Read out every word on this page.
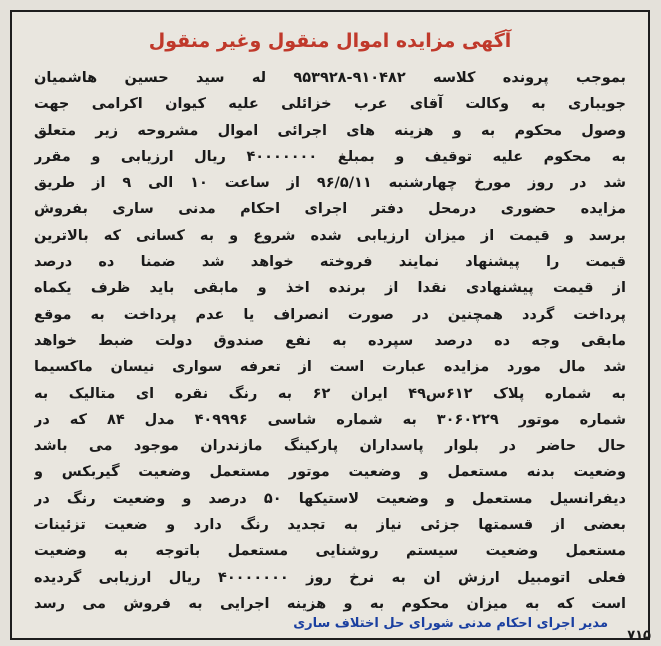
آگهی مزایده اموال منقول وغیر منقول
بموجب پرونده کلاسه ۹۱۰۴۸۲-۹۵۳۹۲۸ له سید حسین هاشمیان
جویباری به وکالت آقای عرب خزائلی علیه کیوان اکرامی جهت
وصول محکوم به و هزینه های اجرائی اموال مشروحه زیر متعلق
به محکوم علیه توقیف و بمبلغ ۴۰۰۰۰۰۰۰ ریال ارزیابی و مقرر
شد در روز مورخ چهارشنبه ۹۶/۵/۱۱ از ساعت ۱۰ الی ۹ از طریق
مزایده حضوری درمحل دفتر اجرای احکام مدنی ساری بفروش
برسد و قیمت از میزان ارزیابی شده شروع و به کسانی که بالاترین
قیمت را پیشنهاد نمایند فروخته خواهد شد ضمنا ده درصد
از قیمت پیشنهادی نقدا از برنده اخذ و مابقی باید ظرف یکماه
پرداخت گردد همچنین در صورت انصراف یا عدم پرداخت به موقع
مابقی وجه ده درصد سپرده به نفع صندوق دولت ضبط خواهد
شد مال مورد مزایده عبارت است از تعرفه سواری نیسان ماکسیما
به شماره پلاک ۶۱۲س۴۹ ایران ۶۲ به رنگ نقره ای متالیک به
شماره موتور ۳۰۶۰۲۲۹ به شماره شاسی ۴۰۹۹۹۶ مدل ۸۴ که در
حال حاضر در بلوار پاسداران پارکینگ مازندران موجود می باشد
وضعیت بدنه مستعمل و وضعیت موتور مستعمل وضعیت گیربکس و
دیفرانسیل مستعمل و وضعیت لاستیکها ۵۰ درصد و وضعیت رنگ در
بعضی از قسمتها جزئی نیاز به تجدید رنگ دارد و ضعیت تزئینات
مستعمل وضعیت سیستم روشنایی مستعمل باتوجه به وضعیت
فعلی اتومبیل ارزش ان به نرخ روز ۴۰۰۰۰۰۰۰ ریال ارزیابی گردیده
است که به میزان محکوم به و هزینه اجرایی به فروش می رسد
مدیر اجرای احکام مدنی شورای حل اختلاف ساری
۷۱۵
